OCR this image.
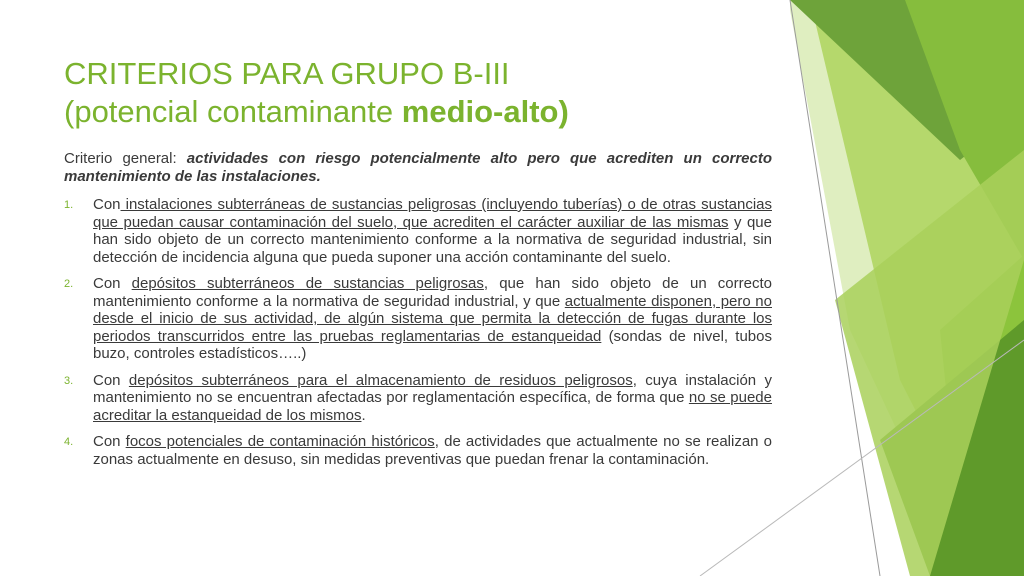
CRITERIOS PARA GRUPO B-III
(potencial contaminante medio-alto)

Criterio general: actividades con riesgo potencialmente alto pero que acrediten un correcto mantenimiento de las instalaciones.

1. Con instalaciones subterráneas de sustancias peligrosas (incluyendo tuberías) o de otras sustancias que puedan causar contaminación del suelo, que acrediten el carácter auxiliar de las mismas y que han sido objeto de un correcto mantenimiento conforme a la normativa de seguridad industrial, sin detección de incidencia alguna que pueda suponer una acción contaminante del suelo.
2. Con depósitos subterráneos de sustancias peligrosas, que han sido objeto de un correcto mantenimiento conforme a la normativa de seguridad industrial, y que actualmente disponen, pero no desde el inicio de sus actividad, de algún sistema que permita la detección de fugas durante los periodos transcurridos entre las pruebas reglamentarias de estanqueidad (sondas de nivel, tubos buzo, controles estadísticos…..)
3. Con depósitos subterráneos para el almacenamiento de residuos peligrosos, cuya instalación y mantenimiento no se encuentran afectadas por reglamentación específica, de forma que no se puede acreditar la estanqueidad de los mismos.
4. Con focos potenciales de contaminación históricos, de actividades que actualmente no se realizan o zonas actualmente en desuso, sin medidas preventivas que puedan frenar la contaminación.
